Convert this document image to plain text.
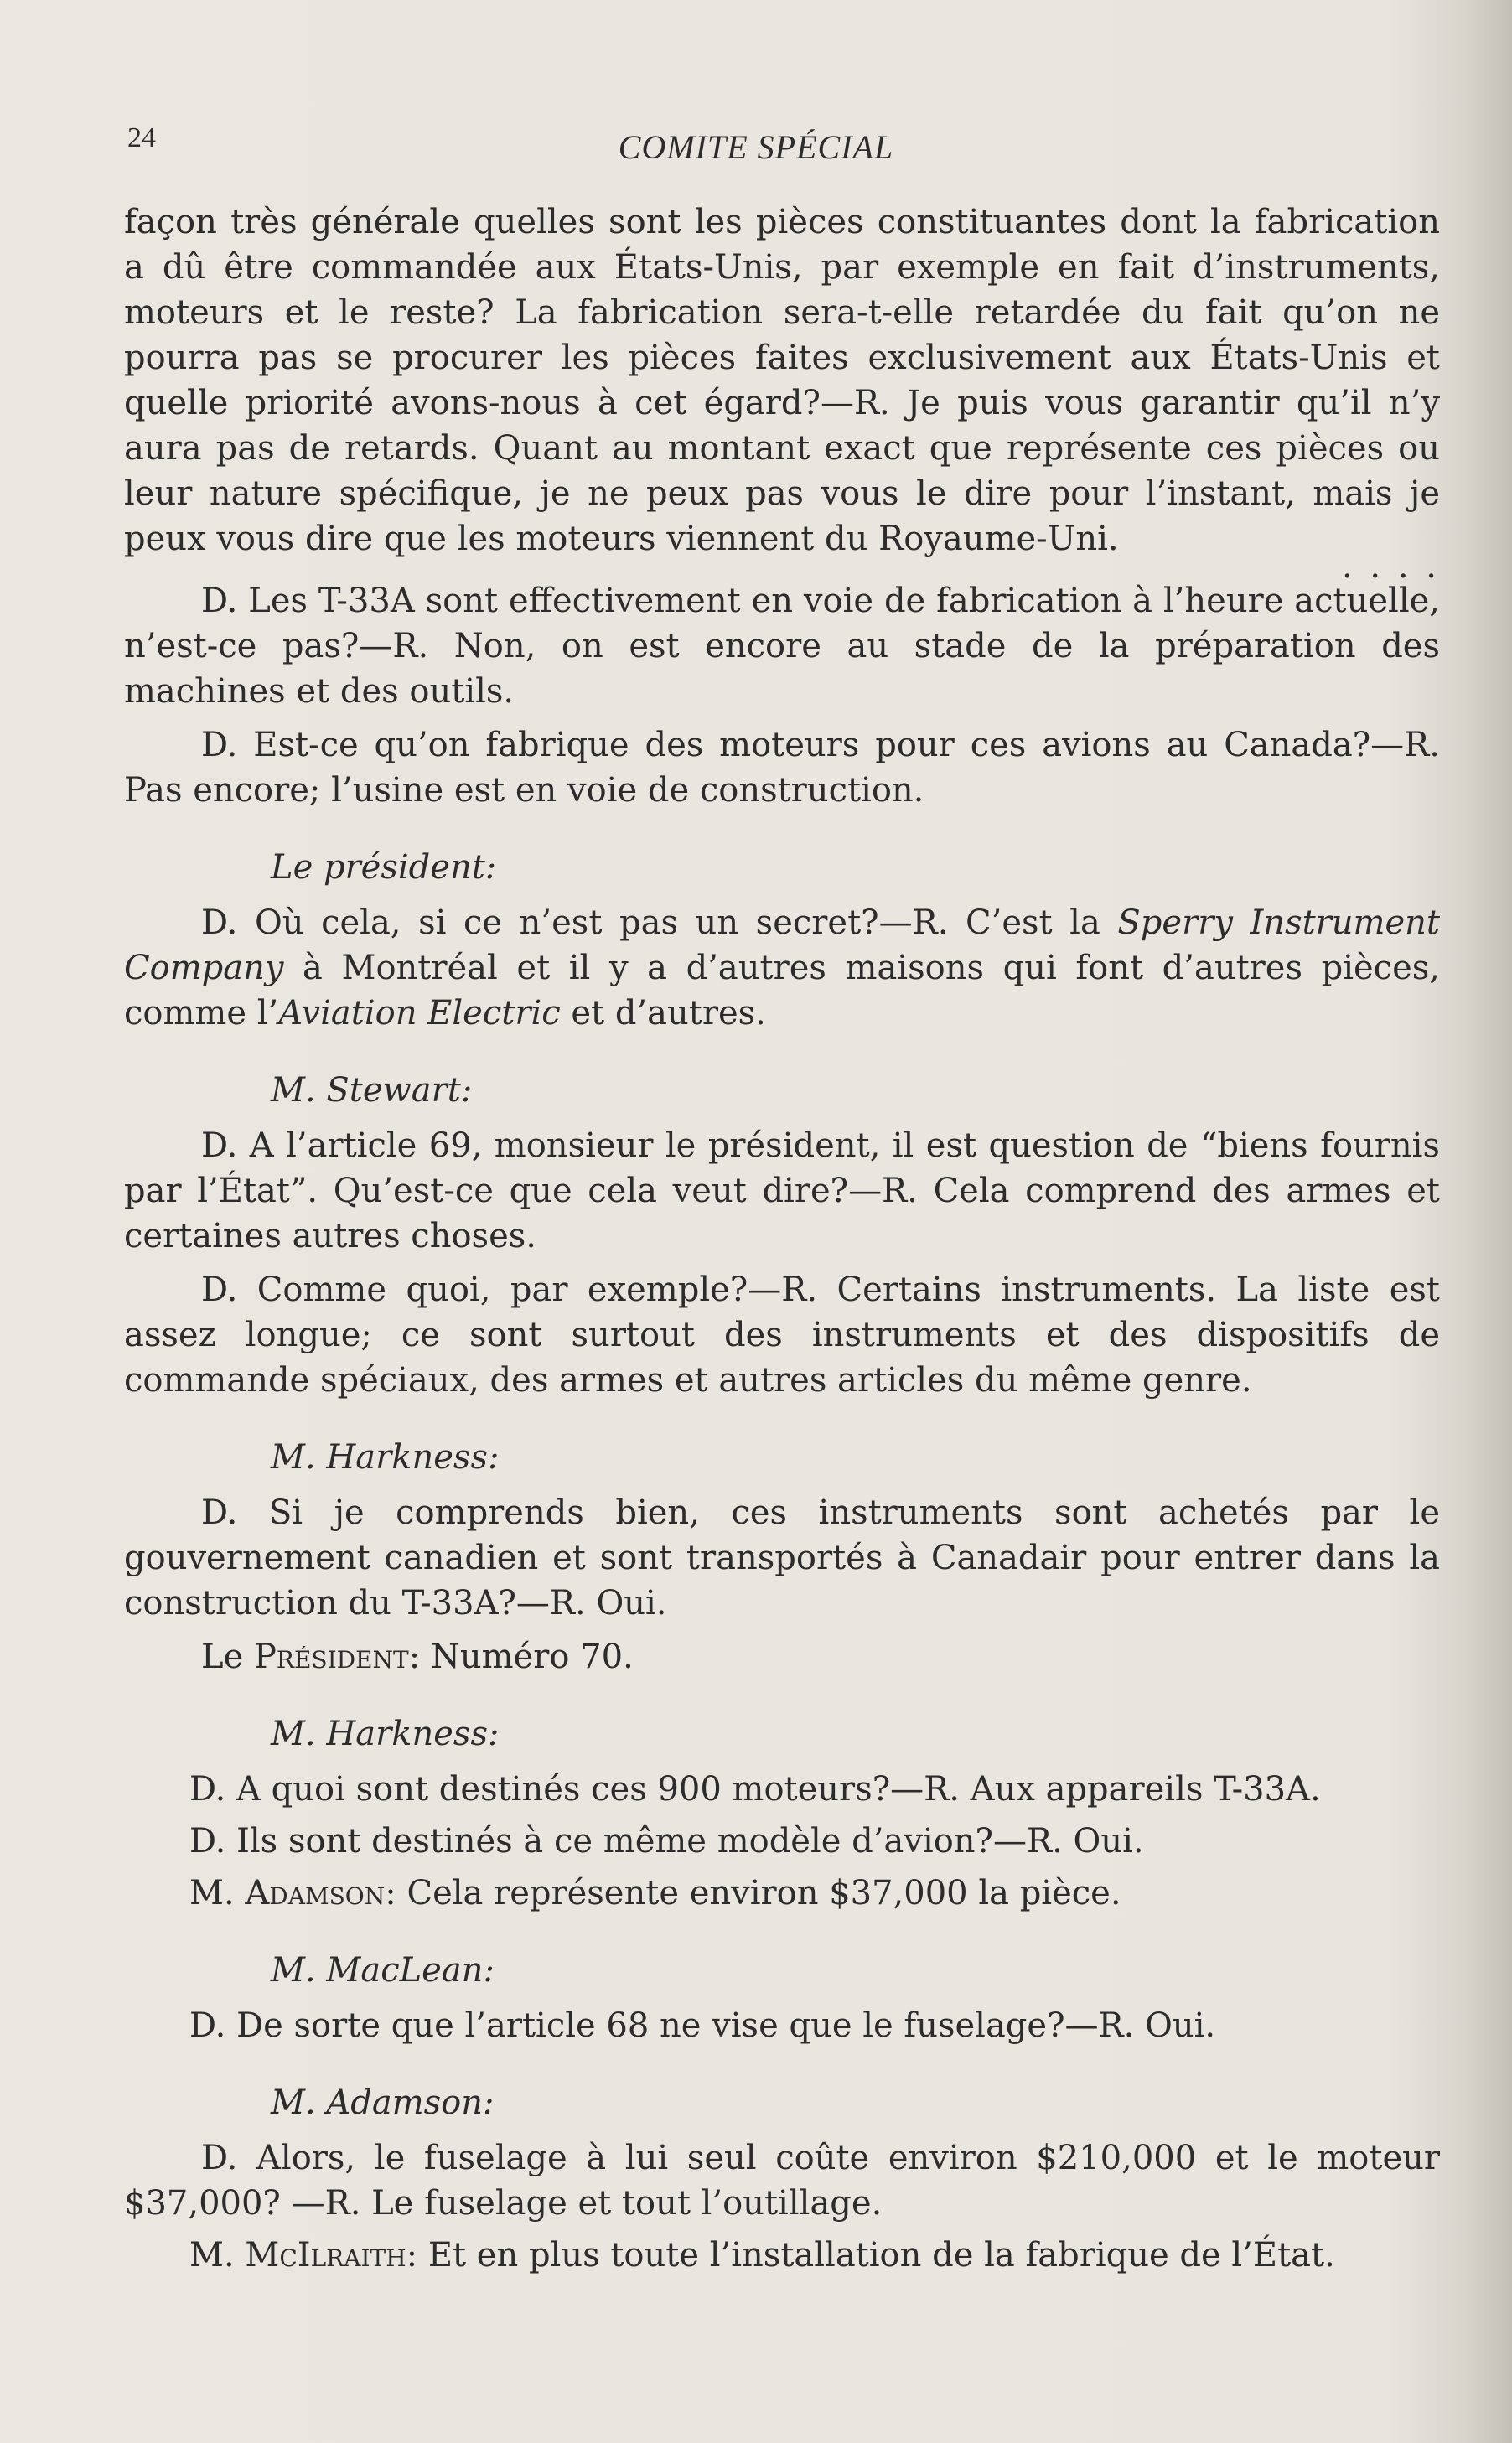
24	COMITE SPÉCIAL

façon très générale quelles sont les pièces constituantes dont la fabrication a dû être commandée aux États-Unis, par exemple en fait d’instruments, moteurs et le reste? La fabrication sera-t-elle retardée du fait qu’on ne pourra pas se procurer les pièces faites exclusivement aux États-Unis et quelle priorité avons-nous à cet égard?—R. Je puis vous garantir qu’il n’y aura pas de retards. Quant au montant exact que représente ces pièces ou leur nature spécifique, je ne peux pas vous le dire pour l’instant, mais je peux vous dire que les moteurs viennent du Royaume-Uni.

. . . .

D. Les T-33A sont effectivement en voie de fabrication à l’heure actuelle, n’est-ce pas?—R. Non, on est encore au stade de la préparation des machines et des outils.

D. Est-ce qu’on fabrique des moteurs pour ces avions au Canada?—R. Pas encore; l’usine est en voie de construction.

Le président:

D. Où cela, si ce n’est pas un secret?—R. C’est la Sperry Instrument Company à Montréal et il y a d’autres maisons qui font d’autres pièces, comme l’Aviation Electric et d’autres.

M. Stewart:

D. A l’article 69, monsieur le président, il est question de “biens fournis par l’État”. Qu’est-ce que cela veut dire?—R. Cela comprend des armes et certaines autres choses.

D. Comme quoi, par exemple?—R. Certains instruments. La liste est assez longue; ce sont surtout des instruments et des dispositifs de commande spéciaux, des armes et autres articles du même genre.

M. Harkness:

D. Si je comprends bien, ces instruments sont achetés par le gouvernement canadien et sont transportés à Canadair pour entrer dans la construction du T-33A?—R. Oui.

Le Président: Numéro 70.

M. Harkness:

D. A quoi sont destinés ces 900 moteurs?—R. Aux appareils T-33A.

D. Ils sont destinés à ce même modèle d’avion?—R. Oui.

M. Adamson: Cela représente environ $37,000 la pièce.

M. MacLean:

D. De sorte que l’article 68 ne vise que le fuselage?—R. Oui.

M. Adamson:

D. Alors, le fuselage à lui seul coûte environ $210,000 et le moteur $37,000? —R. Le fuselage et tout l’outillage.

M. McIlraith: Et en plus toute l’installation de la fabrique de l’État.
